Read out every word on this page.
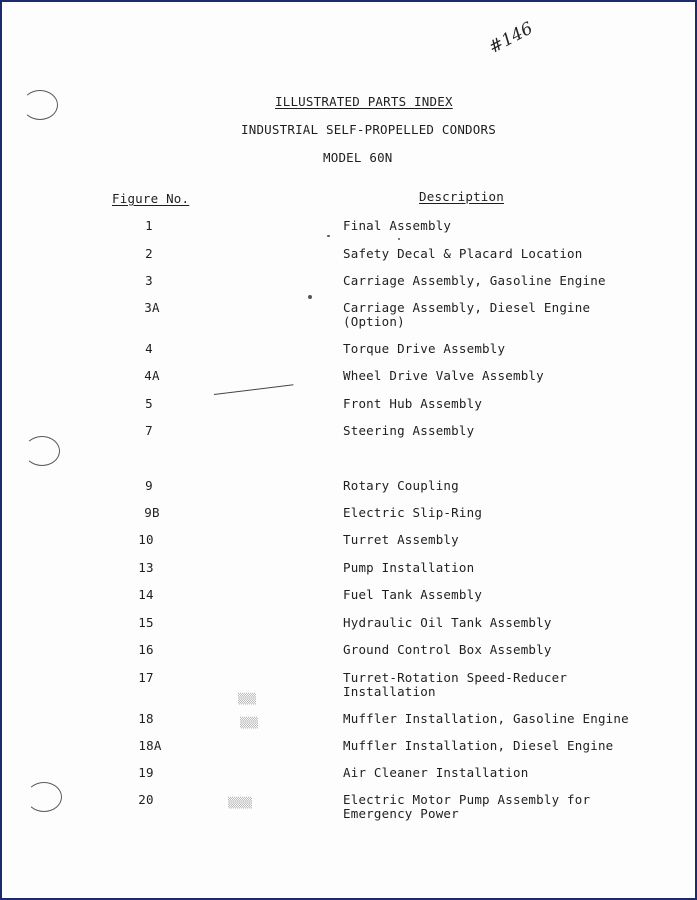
▒▒▒
▒▒▒
▒▒▒▒
#146
ILLUSTRATED PARTS INDEX
INDUSTRIAL SELF-PROPELLED CONDORS
MODEL 60N
Figure No.	Description
1	Final Assembly
2	Safety Decal & Placard Location
3	Carriage Assembly, Gasoline Engine
3A	Carriage Assembly, Diesel Engine
(Option)
4	Torque Drive Assembly
4A	Wheel Drive Valve Assembly
5	Front Hub Assembly
7	Steering Assembly
9	Rotary Coupling
9B	Electric Slip-Ring
10	Turret Assembly
13	Pump Installation
14	Fuel Tank Assembly
15	Hydraulic Oil Tank Assembly
16	Ground Control Box Assembly
17	Turret-Rotation Speed-Reducer
Installation
18	Muffler Installation, Gasoline Engine
18A	Muffler Installation, Diesel Engine
19	Air Cleaner Installation
20	Electric Motor Pump Assembly for
Emergency Power
